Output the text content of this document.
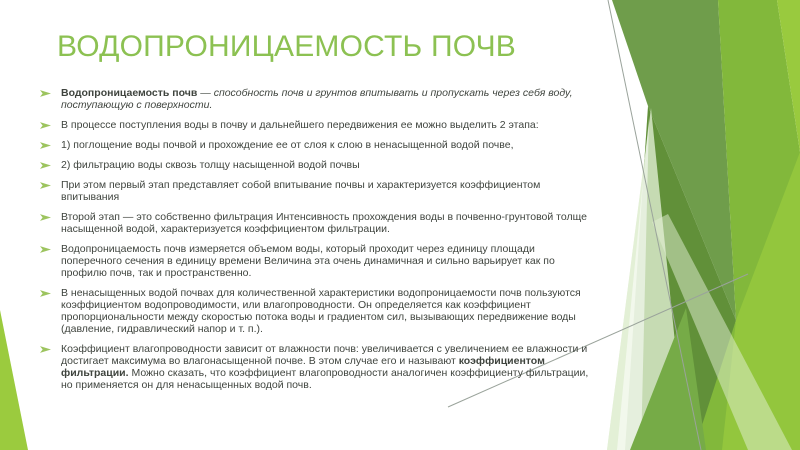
ВОДОПРОНИЦАЕМОСТЬ ПОЧВ
Водопроницаемость почв — способность почв и грунтов впитывать и пропускать через себя воду, поступающую с поверхности.
В процессе поступления воды в почву и дальнейшего передвижения ее можно выделить 2 этапа:
1) поглощение воды почвой и прохождение ее от слоя к слою в ненасыщенной водой почве,
2) фильтрацию воды сквозь толщу насыщенной водой почвы
При этом первый этап представляет собой впитывание почвы и характеризуется коэффициентом впитывания
Второй этап — это собственно фильтрация Интенсивность прохождения воды в почвенно-грунтовой толще насыщенной водой, характеризуется коэффициентом фильтрации.
Водопроницаемость почв измеряется объемом воды, который проходит через единицу площади поперечного сечения в единицу времени Величина эта очень динамичная и сильно варьирует как по профилю почв, так и пространственно.
В ненасыщенных водой почвах для количественной характеристики водопроницаемости почв пользуются коэффициентом водопроводимости, или влагопроводности. Он определяется как коэффициент пропорциональности между скоростью потока воды и градиентом сил, вызывающих передвижение воды (давление, гидравлический напор и т. п.).
Коэффициент влагопроводности зависит от влажности почв: увеличивается с увеличением ее влажности и достигает максимума во влагонасыщенной почве. В этом случае его и называют коэффициентом фильтрации. Можно сказать, что коэффициент влагопроводности аналогичен коэффициенту фильтрации, но применяется он для ненасыщенных водой почв.
